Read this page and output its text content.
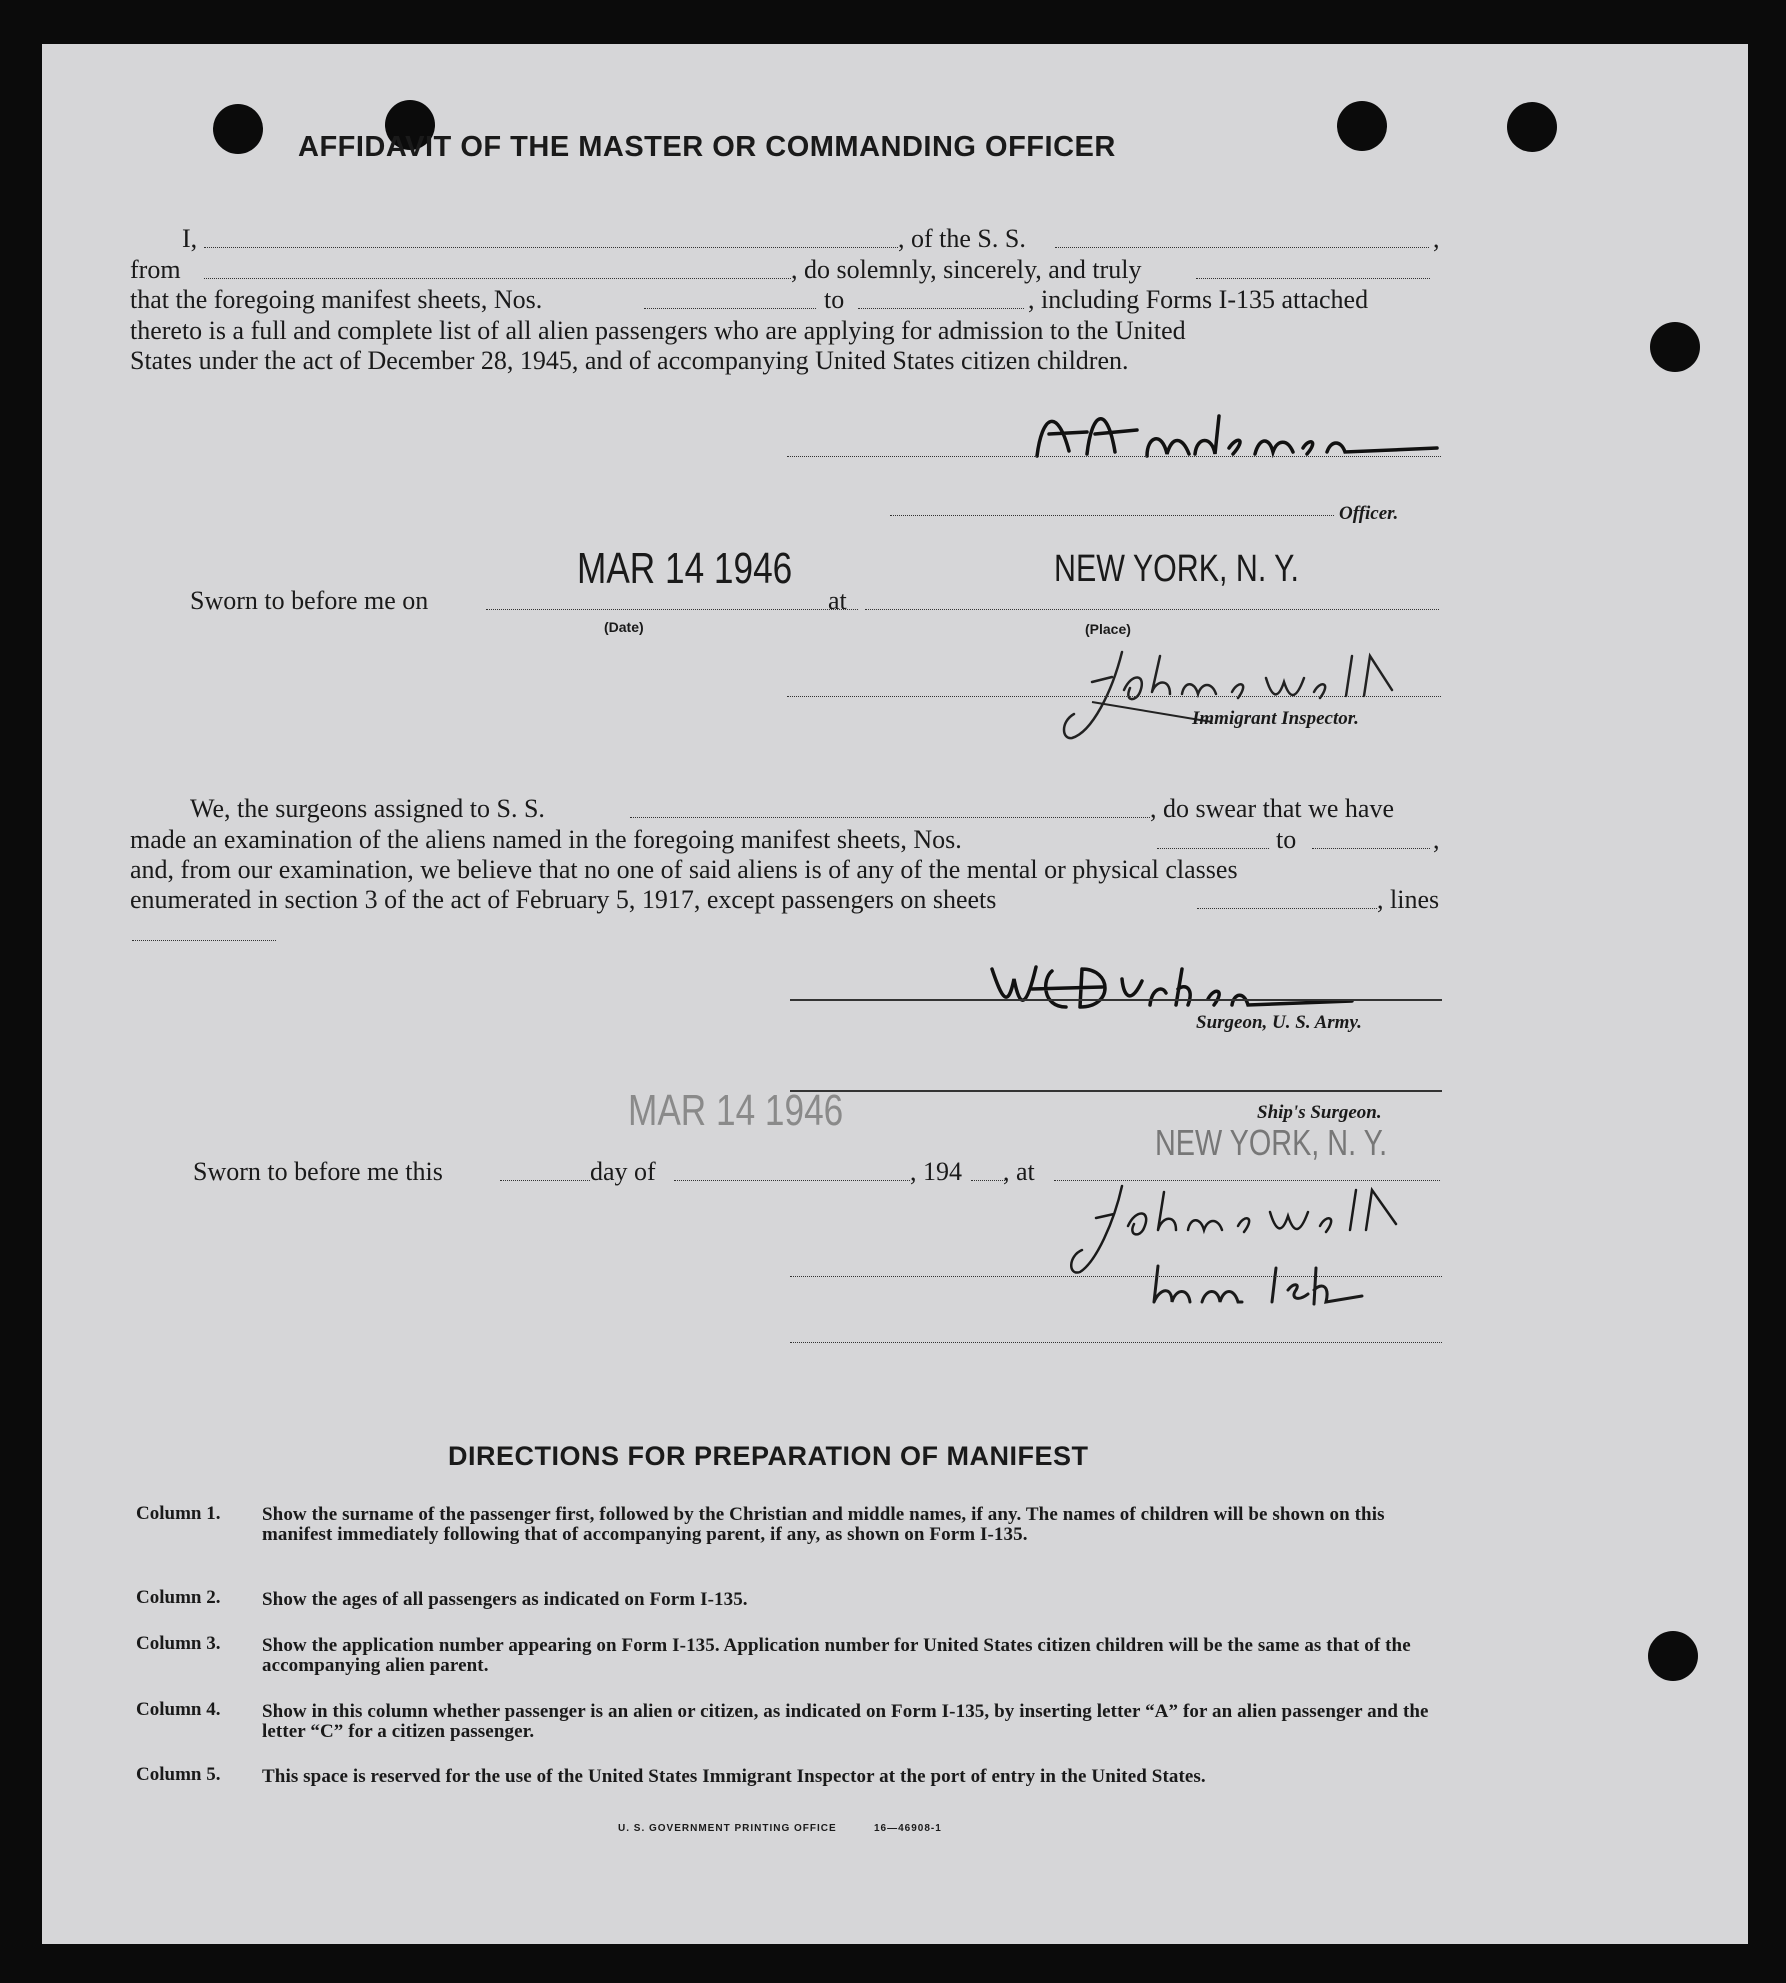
AFFIDAVIT OF THE MASTER OR COMMANDING OFFICER
I,	, of the S. S.	,
from	, do solemnly, sincerely, and truly
that the foregoing manifest sheets, Nos.	to	, including Forms I-135 attached
thereto is a full and complete list of all alien passengers who are applying for admission to the United
States under the act of December 28, 1945, and of accompanying United States citizen children.
Officer.
Sworn to before me on
MAR 14 1946
at
NEW YORK, N. Y.
(Date)	(Place)
Immigrant Inspector.
We, the surgeons assigned to S. S.	, do swear that we have
made an examination of the aliens named in the foregoing manifest sheets, Nos.	to	,
and, from our examination, we believe that no one of said aliens is of any of the mental or physical classes
enumerated in section 3 of the act of February 5, 1917, except passengers on sheets	, lines
Surgeon, U. S. Army.
Ship's Surgeon.
MAR 14 1946
NEW YORK, N. Y.
Sworn to before me this	day of	, 194 , at
DIRECTIONS FOR PREPARATION OF MANIFEST
Column 1. Show the surname of the passenger first, followed by the Christian and middle names, if any. The names of children will be shown on this manifest immediately following that of accompanying parent, if any, as shown on Form I-135.
Column 2. Show the ages of all passengers as indicated on Form I-135.
Column 3. Show the application number appearing on Form I-135. Application number for United States citizen children will be the same as that of the accompanying alien parent.
Column 4. Show in this column whether passenger is an alien or citizen, as indicated on Form I-135, by inserting letter “A” for an alien passenger and the letter “C” for a citizen passenger.
Column 5. This space is reserved for the use of the United States Immigrant Inspector at the port of entry in the United States.
U. S. GOVERNMENT PRINTING OFFICE	16—46908-1
